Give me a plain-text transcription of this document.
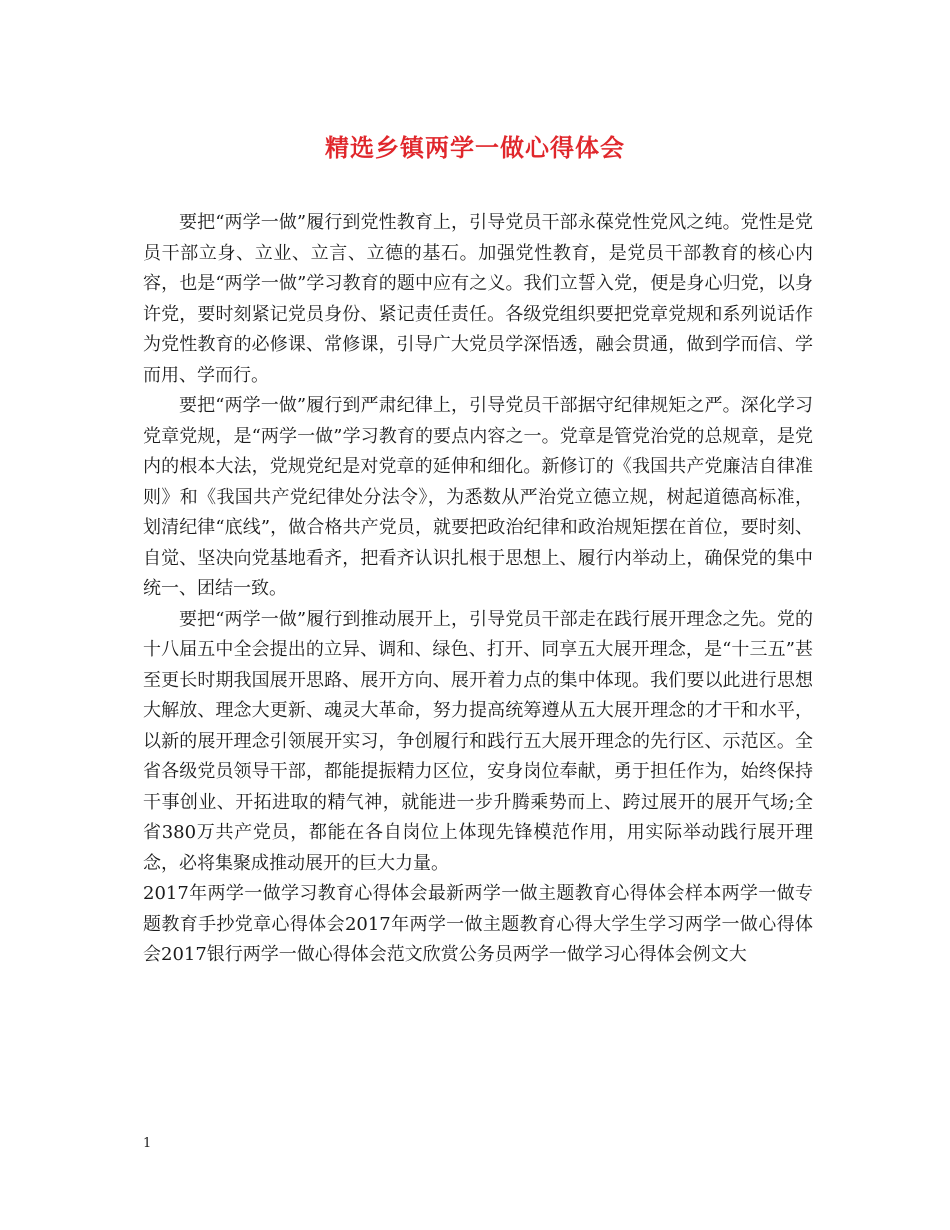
精选乡镇两学一做心得体会

要把“两学一做”履行到党性教育上，引导党员干部永葆党性党风之纯。党性是党员干部立身、立业、立言、立德的基石。加强党性教育，是党员干部教育的核心内容，也是“两学一做”学习教育的题中应有之义。我们立誓入党，便是身心归党，以身许党，要时刻紧记党员身份、紧记责任责任。各级党组织要把党章党规和系列说话作为党性教育的必修课、常修课，引导广大党员学深悟透，融会贯通，做到学而信、学而用、学而行。

要把“两学一做”履行到严肃纪律上，引导党员干部据守纪律规矩之严。深化学习党章党规，是“两学一做”学习教育的要点内容之一。党章是管党治党的总规章，是党内的根本大法，党规党纪是对党章的延伸和细化。新修订的《我国共产党廉洁自律准则》和《我国共产党纪律处分法令》，为悉数从严治党立德立规，树起道德高标准，划清纪律“底线”，做合格共产党员，就要把政治纪律和政治规矩摆在首位，要时刻、自觉、坚决向党基地看齐，把看齐认识扎根于思想上、履行内举动上，确保党的集中统一、团结一致。

要把“两学一做”履行到推动展开上，引导党员干部走在践行展开理念之先。党的十八届五中全会提出的立异、调和、绿色、打开、同享五大展开理念，是“十三五”甚至更长时期我国展开思路、展开方向、展开着力点的集中体现。我们要以此进行思想大解放、理念大更新、魂灵大革命，努力提高统筹遵从五大展开理念的才干和水平，以新的展开理念引领展开实习，争创履行和践行五大展开理念的先行区、示范区。全省各级党员领导干部，都能提振精力区位，安身岗位奉献，勇于担任作为，始终保持干事创业、开拓进取的精气神，就能进一步升腾乘势而上、跨过展开的展开气场;全省380万共产党员，都能在各自岗位上体现先锋模范作用，用实际举动践行展开理念，必将集聚成推动展开的巨大力量。

2017年两学一做学习教育心得体会最新两学一做主题教育心得体会样本两学一做专题教育手抄党章心得体会2017年两学一做主题教育心得大学生学习两学一做心得体会2017银行两学一做心得体会范文欣赏公务员两学一做学习心得体会例文大

1
